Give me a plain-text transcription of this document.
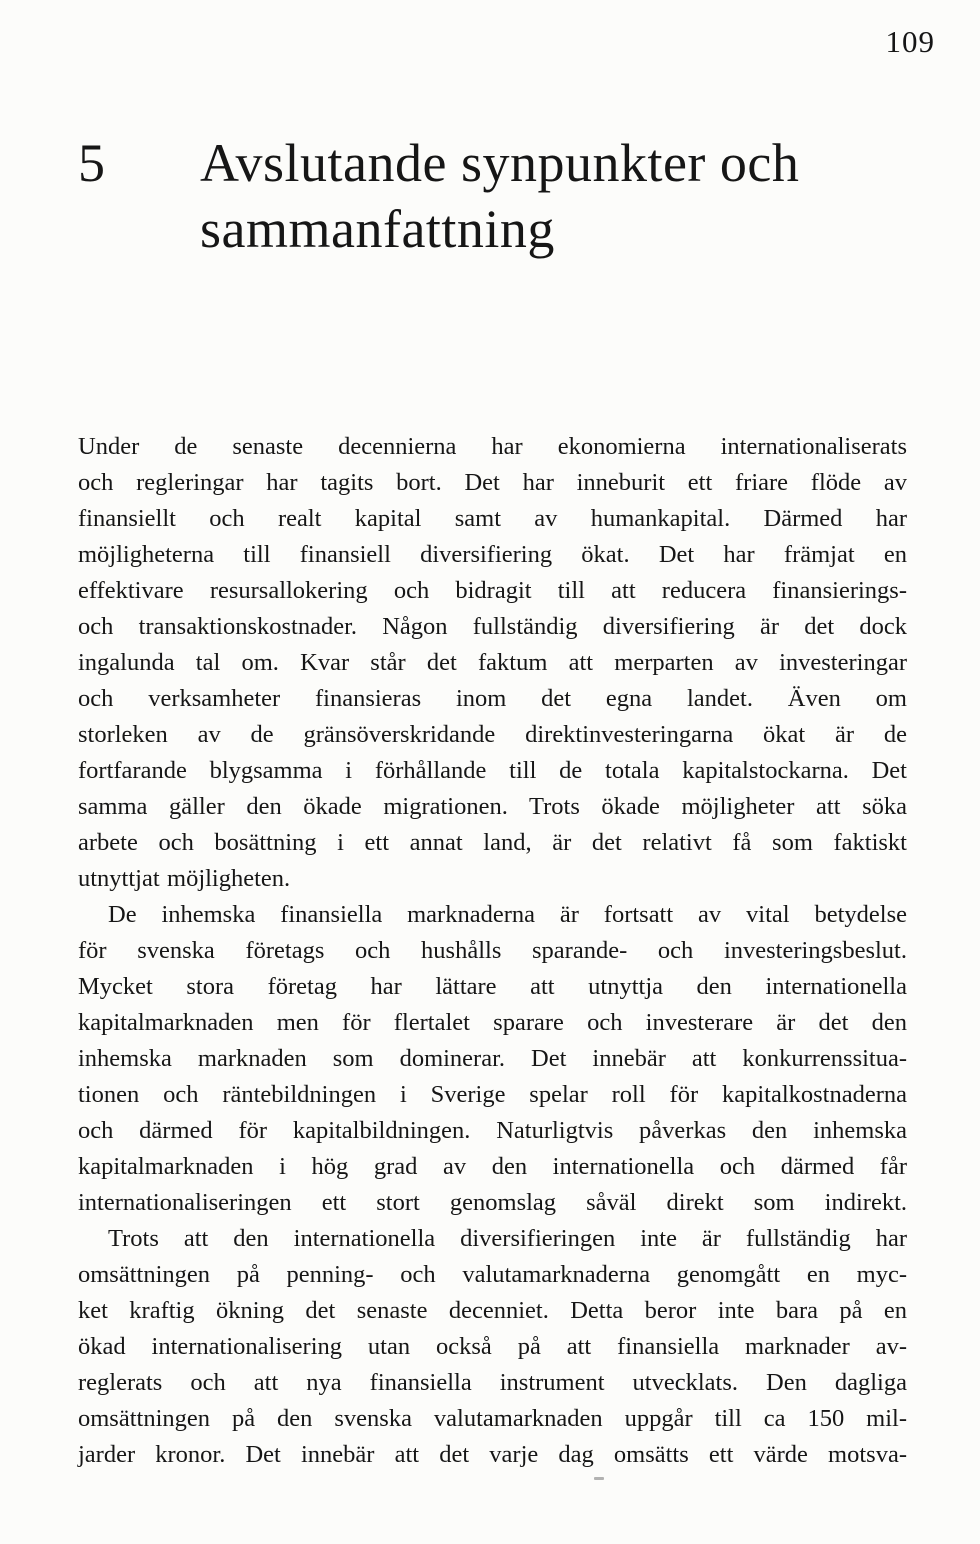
109
5	Avslutande synpunkter och
sammanfattning
Under de senaste decennierna har ekonomierna internationaliserats
och regleringar har tagits bort. Det har inneburit ett friare flöde av
finansiellt och realt kapital samt av humankapital. Därmed har
möjligheterna till finansiell diversifiering ökat. Det har främjat en
effektivare resursallokering och bidragit till att reducera finansierings-
och transaktionskostnader. Någon fullständig diversifiering är det dock
ingalunda tal om. Kvar står det faktum att merparten av investeringar
och verksamheter finansieras inom det egna landet. Även om
storleken av de gränsöverskridande direktinvesteringarna ökat är de
fortfarande blygsamma i förhållande till de totala kapitalstockarna. Det
samma gäller den ökade migrationen. Trots ökade möjligheter att söka
arbete och bosättning i ett annat land, är det relativt få som faktiskt
utnyttjat möjligheten.
De inhemska finansiella marknaderna är fortsatt av vital betydelse
för svenska företags och hushålls sparande- och investeringsbeslut.
Mycket stora företag har lättare att utnyttja den internationella
kapitalmarknaden men för flertalet sparare och investerare är det den
inhemska marknaden som dominerar. Det innebär att konkurrenssitua-
tionen och räntebildningen i Sverige spelar roll för kapitalkostnaderna
och därmed för kapitalbildningen. Naturligtvis påverkas den inhemska
kapitalmarknaden i hög grad av den internationella och därmed får
internationaliseringen ett stort genomslag såväl direkt som indirekt.
Trots att den internationella diversifieringen inte är fullständig har
omsättningen på penning- och valutamarknaderna genomgått en myc-
ket kraftig ökning det senaste decenniet. Detta beror inte bara på en
ökad internationalisering utan också på att finansiella marknader av-
reglerats och att nya finansiella instrument utvecklats. Den dagliga
omsättningen på den svenska valutamarknaden uppgår till ca 150 mil-
jarder kronor. Det innebär att det varje dag omsätts ett värde motsva-
